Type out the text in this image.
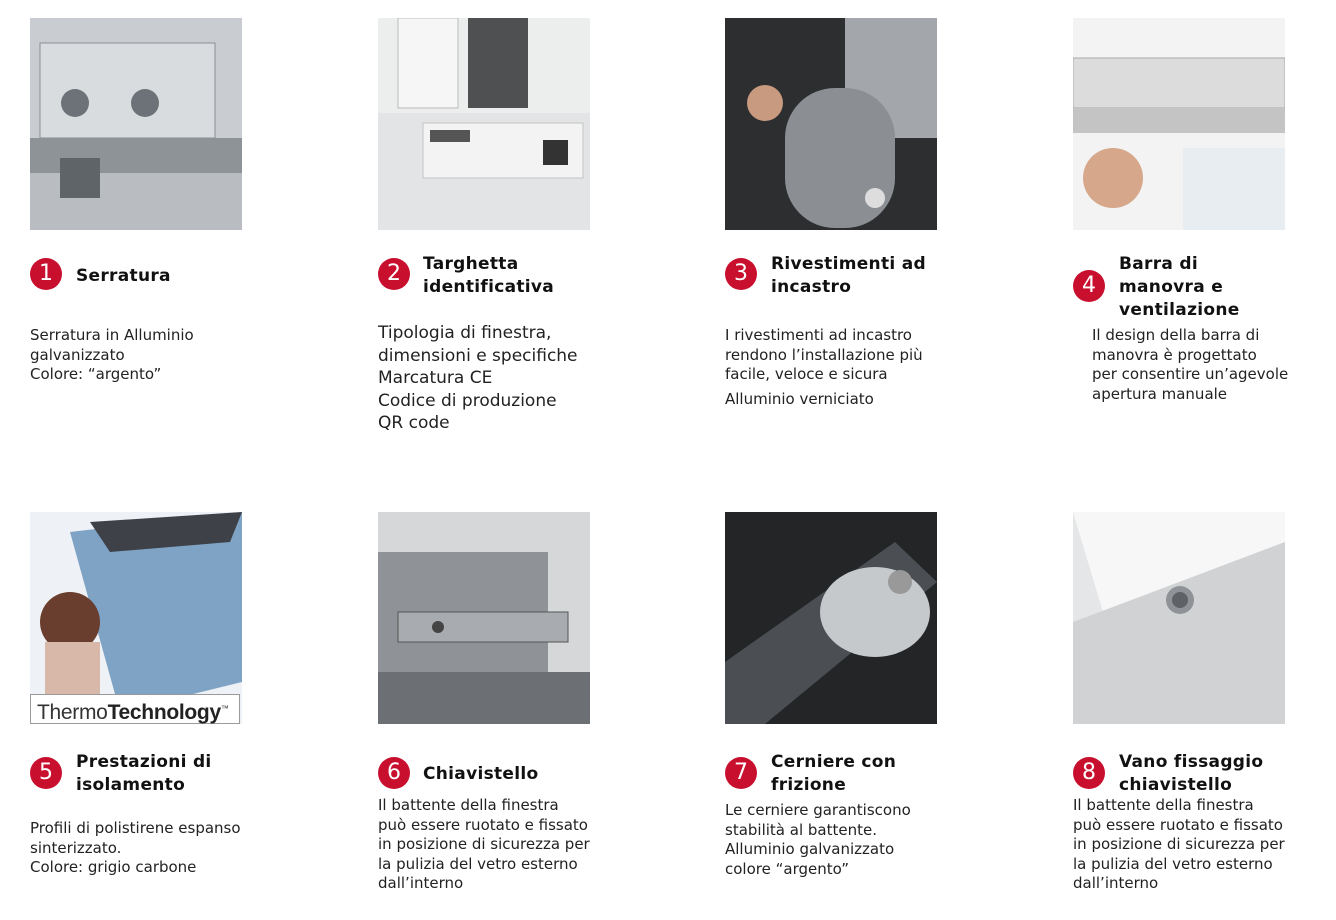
1	Serratura
Serratura in Alluminio
galvanizzato
Colore: “argento”
2	Targhetta
identificativa
Tipologia di finestra,
dimensioni e specifiche
Marcatura CE
Codice di produzione
QR code
3	Rivestimenti ad
incastro
I rivestimenti ad incastro
rendono l’installazione più
facile, veloce e sicura
Alluminio verniciato
4
Barra di
manovra e
ventilazione
Il design della barra di
manovra è progettato
per consentire un’agevole
apertura manuale
ThermoTechnology™
5	Prestazioni di
isolamento
Profili di polistirene espanso
sinterizzato.
Colore: grigio carbone
6	Chiavistello
Il battente della finestra
può essere ruotato e fissato
in posizione di sicurezza per
la pulizia del vetro esterno
dall’interno
7	Cerniere con
frizione
Le cerniere garantiscono
stabilità al battente.
Alluminio galvanizzato
colore “argento”
8	Vano fissaggio
chiavistello
Il battente della finestra
può essere ruotato e fissato
in posizione di sicurezza per
la pulizia del vetro esterno
dall’interno
